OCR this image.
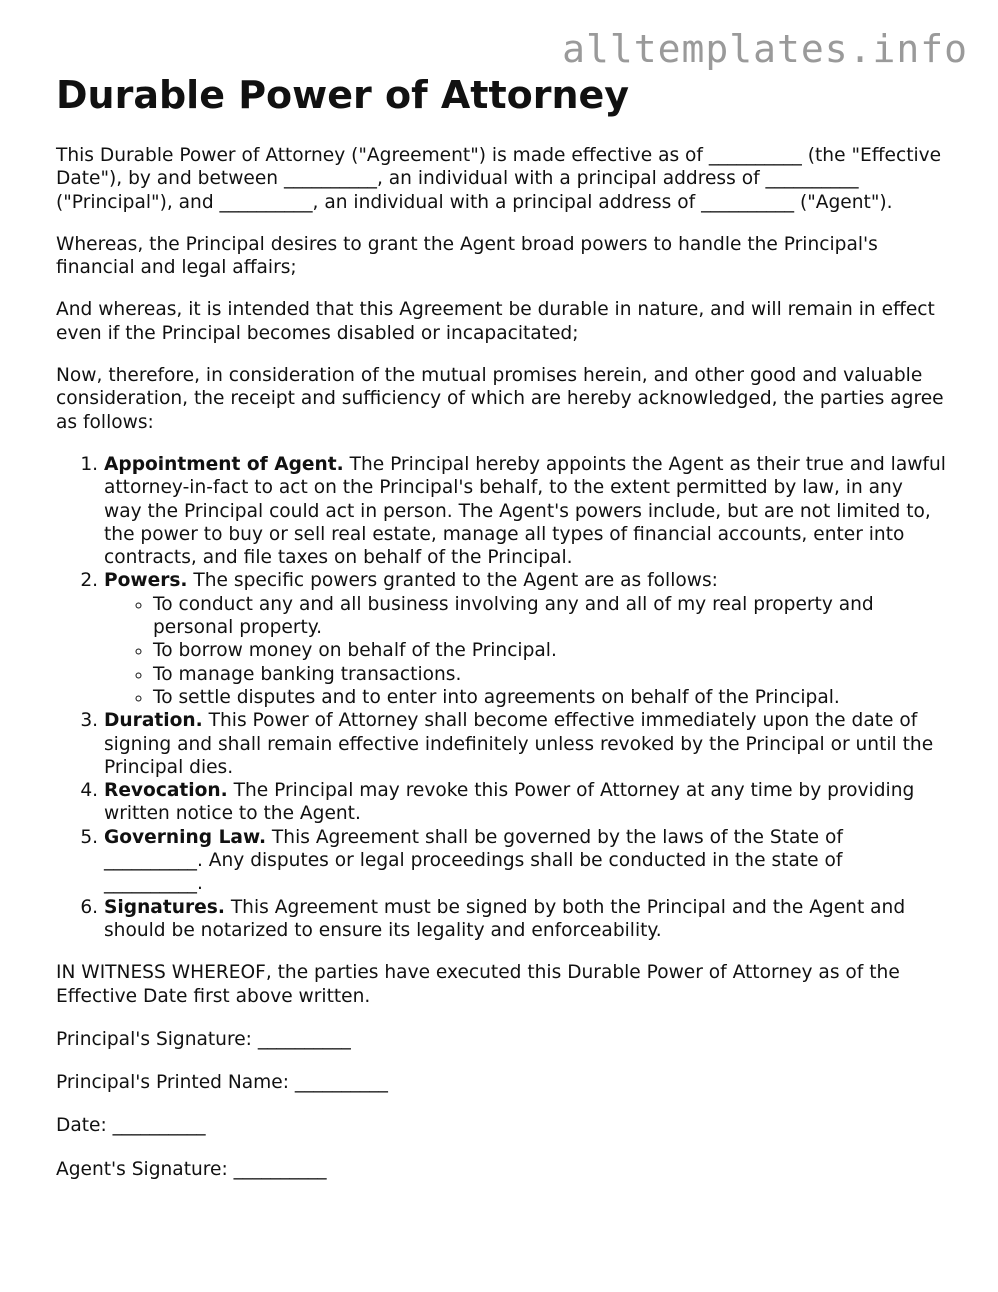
alltemplates.info
Durable Power of Attorney

This Durable Power of Attorney ("Agreement") is made effective as of __________ (the "Effective Date"), by and between __________, an individual with a principal address of __________ ("Principal"), and __________, an individual with a principal address of __________ ("Agent").

Whereas, the Principal desires to grant the Agent broad powers to handle the Principal's financial and legal affairs;

And whereas, it is intended that this Agreement be durable in nature, and will remain in effect even if the Principal becomes disabled or incapacitated;

Now, therefore, in consideration of the mutual promises herein, and other good and valuable consideration, the receipt and sufficiency of which are hereby acknowledged, the parties agree as follows:

1. Appointment of Agent. The Principal hereby appoints the Agent as their true and lawful attorney-in-fact to act on the Principal's behalf, to the extent permitted by law, in any way the Principal could act in person. The Agent's powers include, but are not limited to, the power to buy or sell real estate, manage all types of financial accounts, enter into contracts, and file taxes on behalf of the Principal.
2. Powers. The specific powers granted to the Agent are as follows:
◦ To conduct any and all business involving any and all of my real property and personal property.
◦ To borrow money on behalf of the Principal.
◦ To manage banking transactions.
◦ To settle disputes and to enter into agreements on behalf of the Principal.
3. Duration. This Power of Attorney shall become effective immediately upon the date of signing and shall remain effective indefinitely unless revoked by the Principal or until the Principal dies.
4. Revocation. The Principal may revoke this Power of Attorney at any time by providing written notice to the Agent.
5. Governing Law. This Agreement shall be governed by the laws of the State of __________. Any disputes or legal proceedings shall be conducted in the state of __________.
6. Signatures. This Agreement must be signed by both the Principal and the Agent and should be notarized to ensure its legality and enforceability.

IN WITNESS WHEREOF, the parties have executed this Durable Power of Attorney as of the Effective Date first above written.

Principal's Signature: __________

Principal's Printed Name: __________

Date: __________

Agent's Signature: __________
